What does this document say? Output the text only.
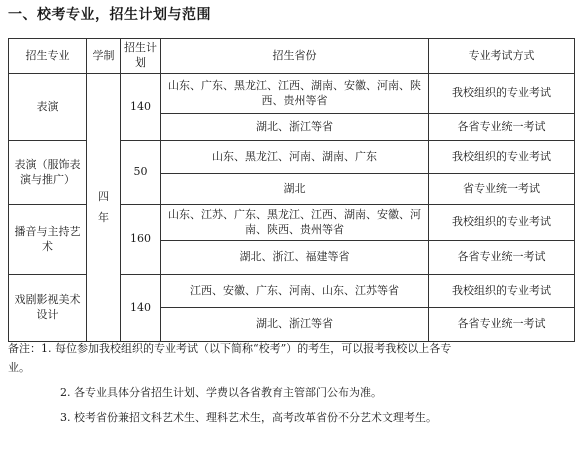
一、校考专业，招生计划与范围
招生专业	学制	招生计划	招生省份	专业考试方式
表演	四年	140	山东、广东、黑龙江、江西、湖南、安徽、河南、陕西、贵州等省	我校组织的专业考试
			湖北、浙江等省	各省专业统一考试
表演（服饰表演与推广）		50	山东、黑龙江、河南、湖南、广东	我校组织的专业考试
			湖北	省专业统一考试
播音与主持艺术		160	山东、江苏、广东、黑龙江、江西、湖南、安徽、河南、陕西、贵州等省	我校组织的专业考试
			湖北、浙江、福建等省	各省专业统一考试
戏剧影视美术设计		140	江西、安徽、广东、河南、山东、江苏等省	我校组织的专业考试
			湖北、浙江等省	各省专业统一考试

备注：1. 每位参加我校组织的专业考试（以下简称“校考”）的考生，可以报考我校以上各专

业。

2. 各专业具体分省招生计划、学费以各省教育主管部门公布为准。

3. 校考省份兼招文科艺术生、理科艺术生，高考改革省份不分艺术文理考生。
